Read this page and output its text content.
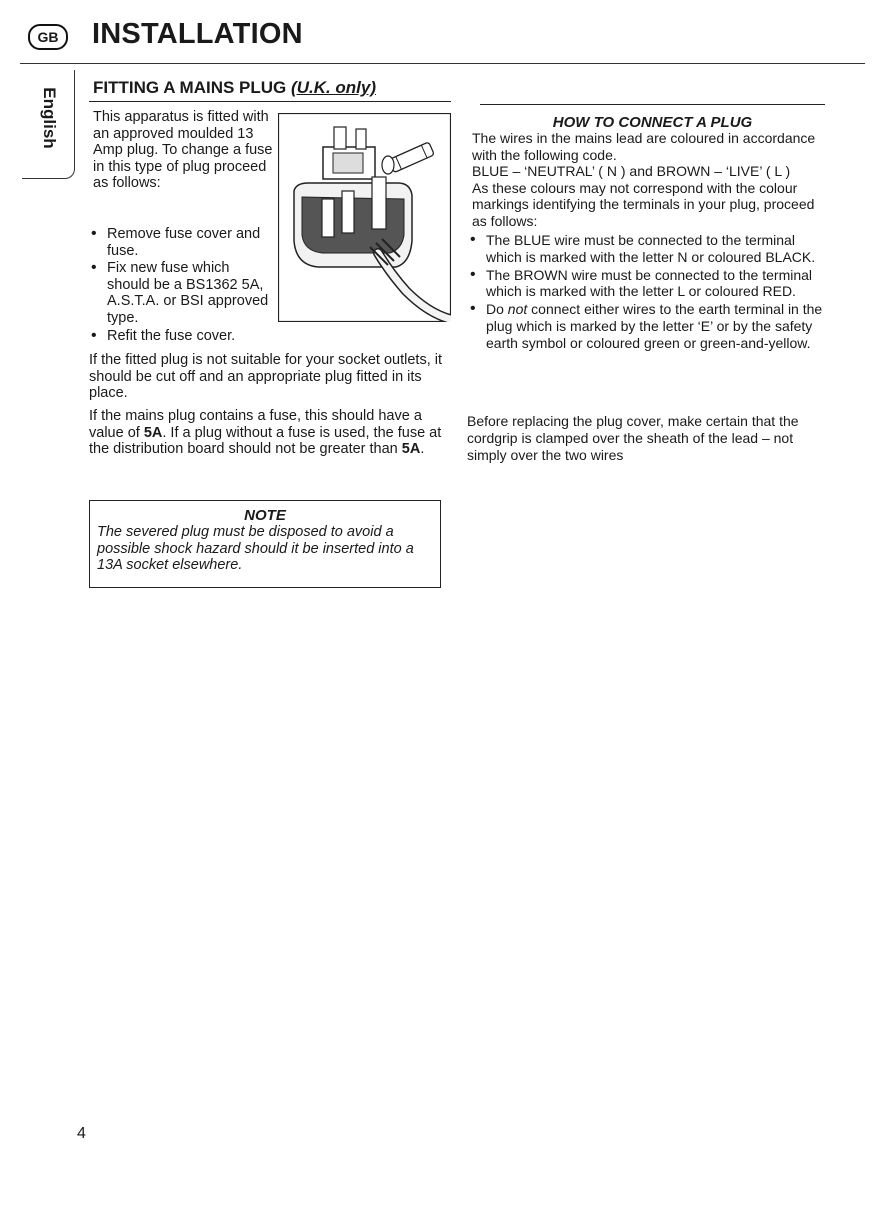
GB	INSTALLATION
English FITTING A MAINS PLUG (U.K. only)
This apparatus is fitted with an approved moulded 13 Amp plug. To change a fuse in this type of plug proceed as follows:
• Remove fuse cover and fuse.
• Fix new fuse which should be a BS1362 5A, A.S.T.A. or BSI approved type.
• Refit the fuse cover.
If the fitted plug is not suitable for your socket outlets, it should be cut off and an appropriate plug fitted in its place.
If the mains plug contains a fuse, this should have a value of 5A. If a plug without a fuse is used, the fuse at the distribution board should not be greater than 5A.
NOTE
The severed plug must be disposed to avoid a possible shock hazard should it be inserted into a 13A socket elsewhere.
HOW TO CONNECT A PLUG
The wires in the mains lead are coloured in accordance with the following code.
BLUE – ‘NEUTRAL’ ( N ) and BROWN – ‘LIVE’ ( L )
As these colours may not correspond with the colour markings identifying the terminals in your plug, proceed as follows:
• The BLUE wire must be connected to the terminal which is marked with the letter N or coloured BLACK.
• The BROWN wire must be connected to the terminal which is marked with the letter L or coloured RED.
• Do not connect either wires to the earth terminal in the plug which is marked by the letter ‘E’ or by the safety earth symbol or coloured green or green-and-yellow.
Before replacing the plug cover, make certain that the cordgrip is clamped over the sheath of the lead – not simply over the two wires
4
